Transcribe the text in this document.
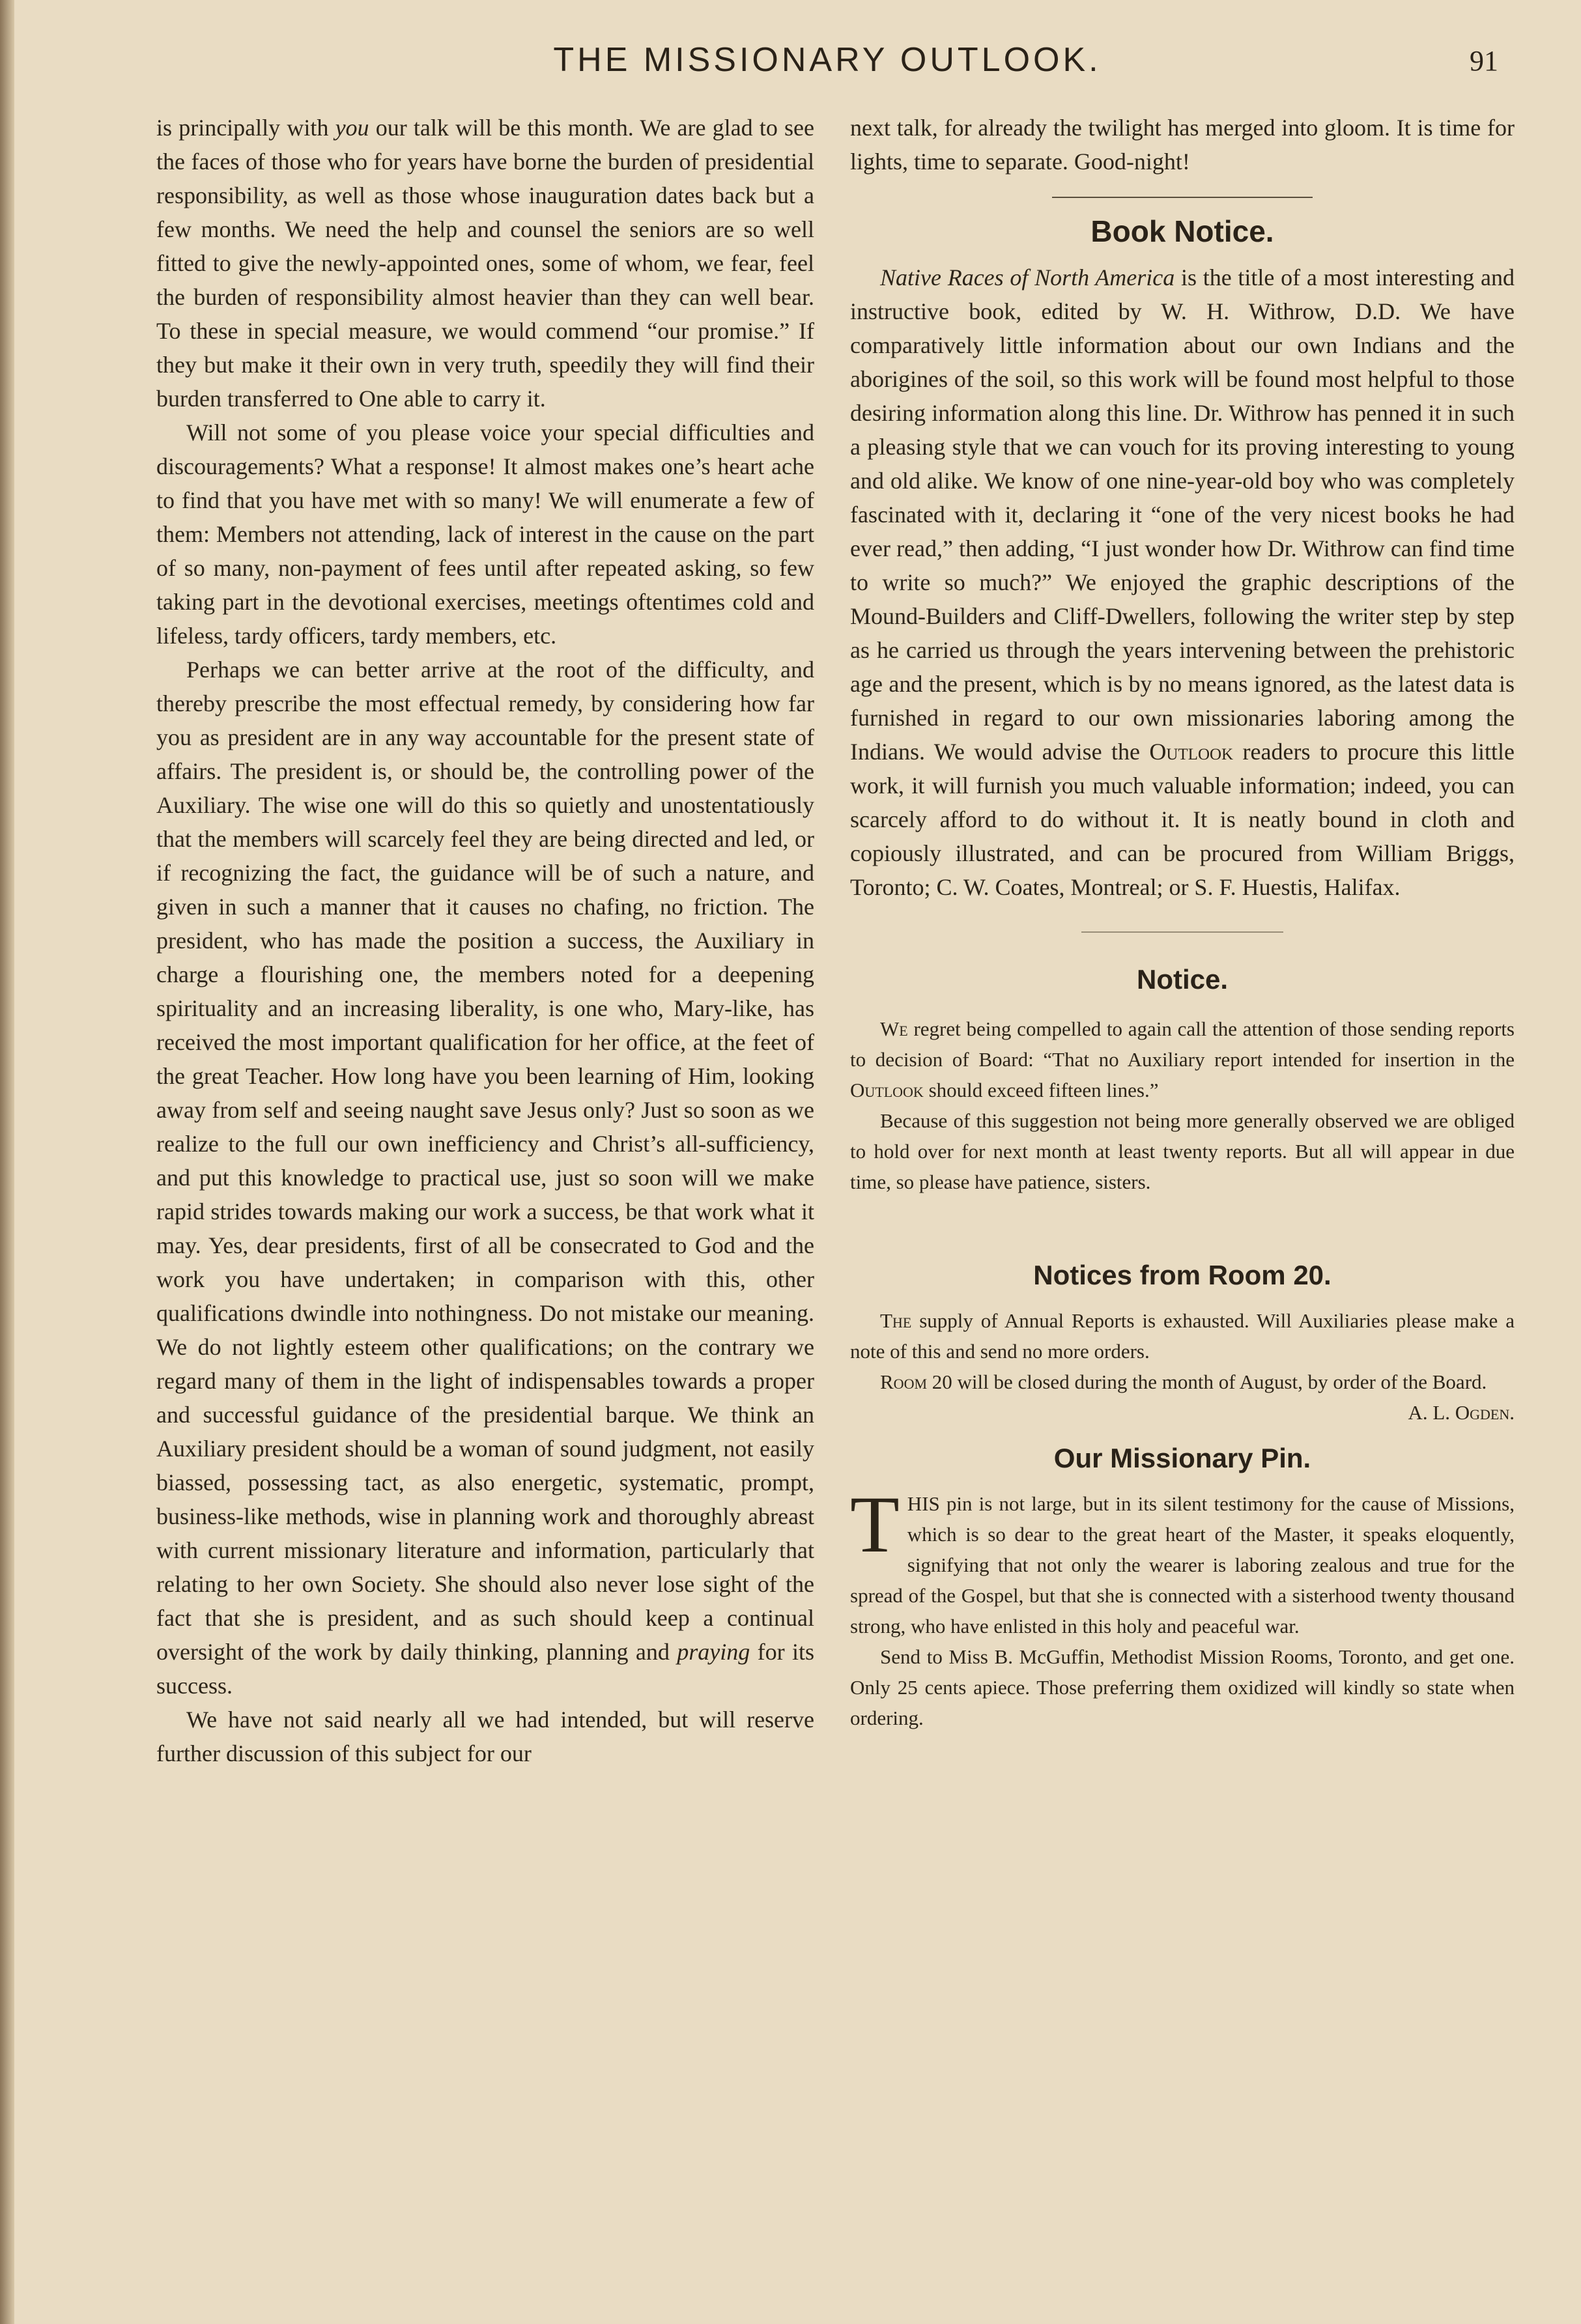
THE MISSIONARY OUTLOOK.	91

is principally with you our talk will be this month. We are glad to see the faces of those who for years have borne the burden of presidential responsibility, as well as those whose inauguration dates back but a few months. We need the help and counsel the seniors are so well fitted to give the newly-appointed ones, some of whom, we fear, feel the burden of responsibility almost heavier than they can well bear. To these in special measure, we would commend “our promise.” If they but make it their own in very truth, speedily they will find their burden transferred to One able to carry it.

Will not some of you please voice your special difficulties and discouragements? What a response! It almost makes one’s heart ache to find that you have met with so many! We will enumerate a few of them: Members not attending, lack of interest in the cause on the part of so many, non-payment of fees until after repeated asking, so few taking part in the devotional exercises, meetings oftentimes cold and lifeless, tardy officers, tardy members, etc.

Perhaps we can better arrive at the root of the difficulty, and thereby prescribe the most effectual remedy, by considering how far you as president are in any way accountable for the present state of affairs. The president is, or should be, the controlling power of the Auxiliary. The wise one will do this so quietly and unostentatiously that the members will scarcely feel they are being directed and led, or if recognizing the fact, the guidance will be of such a nature, and given in such a manner that it causes no chafing, no friction. The president, who has made the position a success, the Auxiliary in charge a flourishing one, the members noted for a deepening spirituality and an increasing liberality, is one who, Mary-like, has received the most important qualification for her office, at the feet of the great Teacher. How long have you been learning of Him, looking away from self and seeing naught save Jesus only? Just so soon as we realize to the full our own inefficiency and Christ’s all-sufficiency, and put this knowledge to practical use, just so soon will we make rapid strides towards making our work a success, be that work what it may. Yes, dear presidents, first of all be consecrated to God and the work you have undertaken; in comparison with this, other qualifications dwindle into nothingness. Do not mistake our meaning. We do not lightly esteem other qualifications; on the contrary we regard many of them in the light of indispensables towards a proper and successful guidance of the presidential barque. We think an Auxiliary president should be a woman of sound judgment, not easily biassed, possessing tact, as also energetic, systematic, prompt, business-like methods, wise in planning work and thoroughly abreast with current missionary literature and information, particularly that relating to her own Society. She should also never lose sight of the fact that she is president, and as such should keep a continual oversight of the work by daily thinking, planning and praying for its success.

We have not said nearly all we had intended, but will reserve further discussion of this subject for our

next talk, for already the twilight has merged into gloom. It is time for lights, time to separate. Good-night!

Book Notice.

Native Races of North America is the title of a most interesting and instructive book, edited by W. H. Withrow, D.D. We have comparatively little information about our own Indians and the aborigines of the soil, so this work will be found most helpful to those desiring information along this line. Dr. Withrow has penned it in such a pleasing style that we can vouch for its proving interesting to young and old alike. We know of one nine-year-old boy who was completely fascinated with it, declaring it “one of the very nicest books he had ever read,” then adding, “I just wonder how Dr. Withrow can find time to write so much?” We enjoyed the graphic descriptions of the Mound-Builders and Cliff-Dwellers, following the writer step by step as he carried us through the years intervening between the prehistoric age and the present, which is by no means ignored, as the latest data is furnished in regard to our own missionaries laboring among the Indians. We would advise the Outlook readers to procure this little work, it will furnish you much valuable information; indeed, you can scarcely afford to do without it. It is neatly bound in cloth and copiously illustrated, and can be procured from William Briggs, Toronto; C. W. Coates, Montreal; or S. F. Huestis, Halifax.

Notice.

We regret being compelled to again call the attention of those sending reports to decision of Board: “That no Auxiliary report intended for insertion in the Outlook should exceed fifteen lines.”

Because of this suggestion not being more generally observed we are obliged to hold over for next month at least twenty reports. But all will appear in due time, so please have patience, sisters.

Notices from Room 20.

The supply of Annual Reports is exhausted. Will Auxiliaries please make a note of this and send no more orders.

Room 20 will be closed during the month of August, by order of the Board.
A. L. Ogden.

Our Missionary Pin.

THIS pin is not large, but in its silent testimony for the cause of Missions, which is so dear to the great heart of the Master, it speaks eloquently, signifying that not only the wearer is laboring zealous and true for the spread of the Gospel, but that she is connected with a sisterhood twenty thousand strong, who have enlisted in this holy and peaceful war.

Send to Miss B. McGuffin, Methodist Mission Rooms, Toronto, and get one. Only 25 cents apiece. Those preferring them oxidized will kindly so state when ordering.
